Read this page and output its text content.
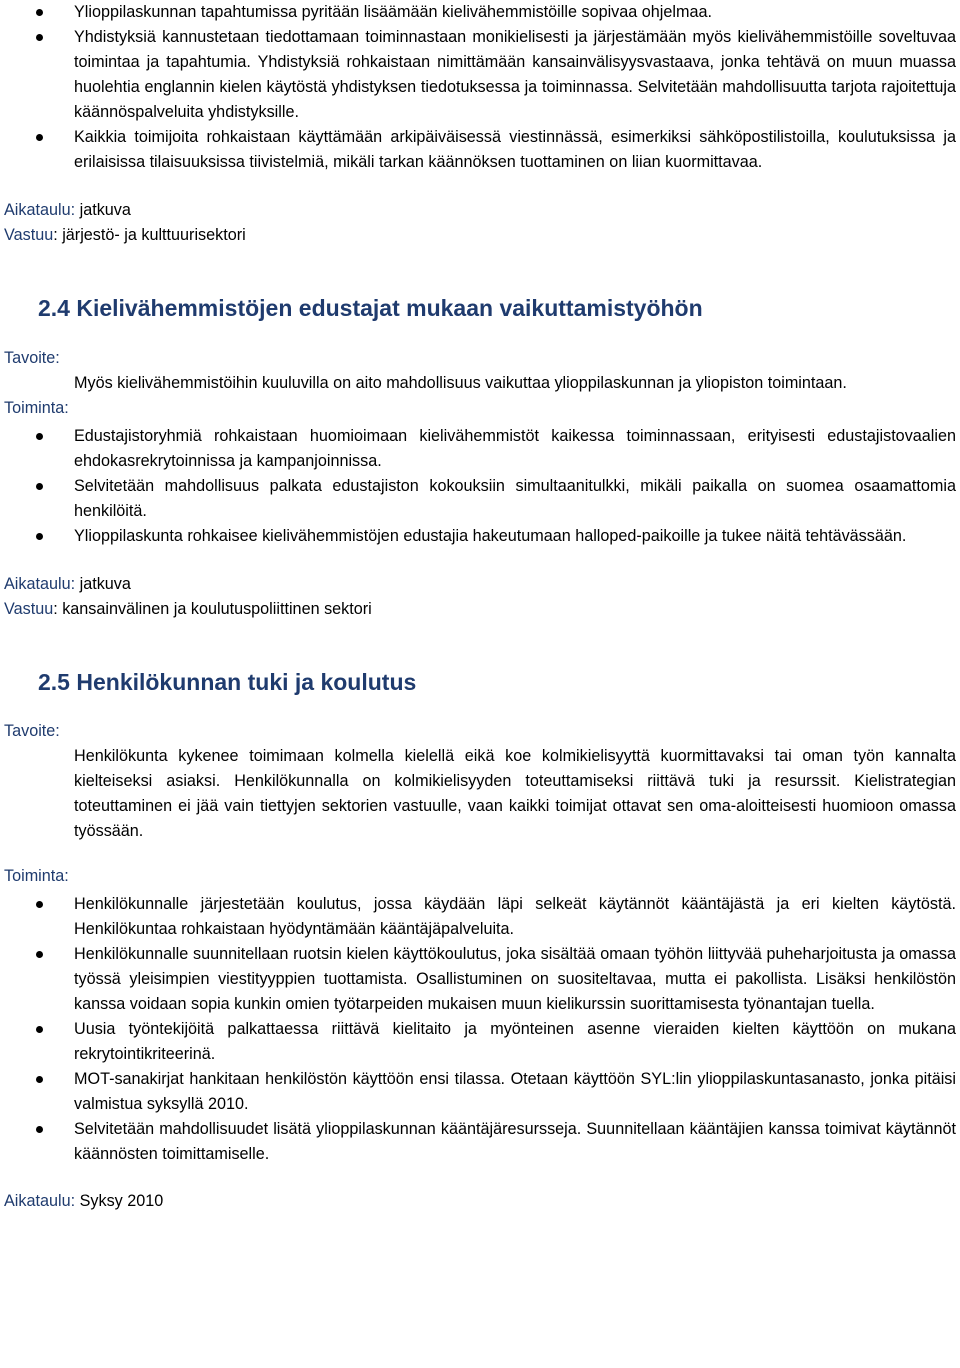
Ylioppilaskunnan tapahtumissa pyritään lisäämään kielivähemmistöille sopivaa ohjelmaa.
Yhdistyksiä kannustetaan tiedottamaan toiminnastaan monikielisesti ja järjestämään myös kielivähemmistöille soveltuvaa toimintaa ja tapahtumia. Yhdistyksiä rohkaistaan nimittämään kansainvälisyysvastaava, jonka tehtävä on muun muassa huolehtia englannin kielen käytöstä yhdistyksen tiedotuksessa ja toiminnassa. Selvitetään mahdollisuutta tarjota rajoitettuja käännöspalveluita yhdistyksille.
Kaikkia toimijoita rohkaistaan käyttämään arkipäiväisessä viestinnässä, esimerkiksi sähköpostilistoilla, koulutuksissa ja erilaisissa tilaisuuksissa tiivistelmiä, mikäli tarkan käännöksen tuottaminen on liian kuormittavaa.
Aikataulu: jatkuva
Vastuu: järjestö- ja kulttuurisektori
2.4 Kielivähemmistöjen edustajat mukaan vaikuttamistyöhön
Tavoite:
Myös kielivähemmistöihin kuuluvilla on aito mahdollisuus vaikuttaa ylioppilaskunnan ja yliopiston toimintaan.
Toiminta:
Edustajistoryhmiä rohkaistaan huomioimaan kielivähemmistöt kaikessa toiminnassaan, erityisesti edustajistovaalien ehdokasrekrytoinnissa ja kampanjoinnissa.
Selvitetään mahdollisuus palkata edustajiston kokouksiin simultaanitulkki, mikäli paikalla on suomea osaamattomia henkilöitä.
Ylioppilaskunta rohkaisee kielivähemmistöjen edustajia hakeutumaan halloped-paikoille ja tukee näitä tehtävässään.
Aikataulu: jatkuva
Vastuu: kansainvälinen ja koulutuspoliittinen sektori
2.5 Henkilökunnan tuki ja koulutus
Tavoite:
Henkilökunta kykenee toimimaan kolmella kielellä eikä koe kolmikielisyyttä kuormittavaksi tai oman työn kannalta kielteiseksi asiaksi. Henkilökunnalla on kolmikielisyyden toteuttamiseksi riittävä tuki ja resurssit. Kielistrategian toteuttaminen ei jää vain tiettyjen sektorien vastuulle, vaan kaikki toimijat ottavat sen oma-aloitteisesti huomioon omassa työssään.
Toiminta:
Henkilökunnalle järjestetään koulutus, jossa käydään läpi selkeät käytännöt kääntäjästä ja eri kielten käytöstä. Henkilökuntaa rohkaistaan hyödyntämään kääntäjäpalveluita.
Henkilökunnalle suunnitellaan ruotsin kielen käyttökoulutus, joka sisältää omaan työhön liittyvää puheharjoitusta ja omassa työssä yleisimpien viestityyppien tuottamista. Osallistuminen on suositeltavaa, mutta ei pakollista. Lisäksi henkilöstön kanssa voidaan sopia kunkin omien työtarpeiden mukaisen muun kielikurssin suorittamisesta työnantajan tuella.
Uusia työntekijöitä palkattaessa riittävä kielitaito ja myönteinen asenne vieraiden kielten käyttöön on mukana rekrytointikriteerinä.
MOT-sanakirjat hankitaan henkilöstön käyttöön ensi tilassa. Otetaan käyttöön SYL:lin ylioppilaskuntasanasto, jonka pitäisi valmistua syksyllä 2010.
Selvitetään mahdollisuudet lisätä ylioppilaskunnan kääntäjäresursseja. Suunnitellaan kääntäjien kanssa toimivat käytännöt käännösten toimittamiselle.
Aikataulu: Syksy 2010
